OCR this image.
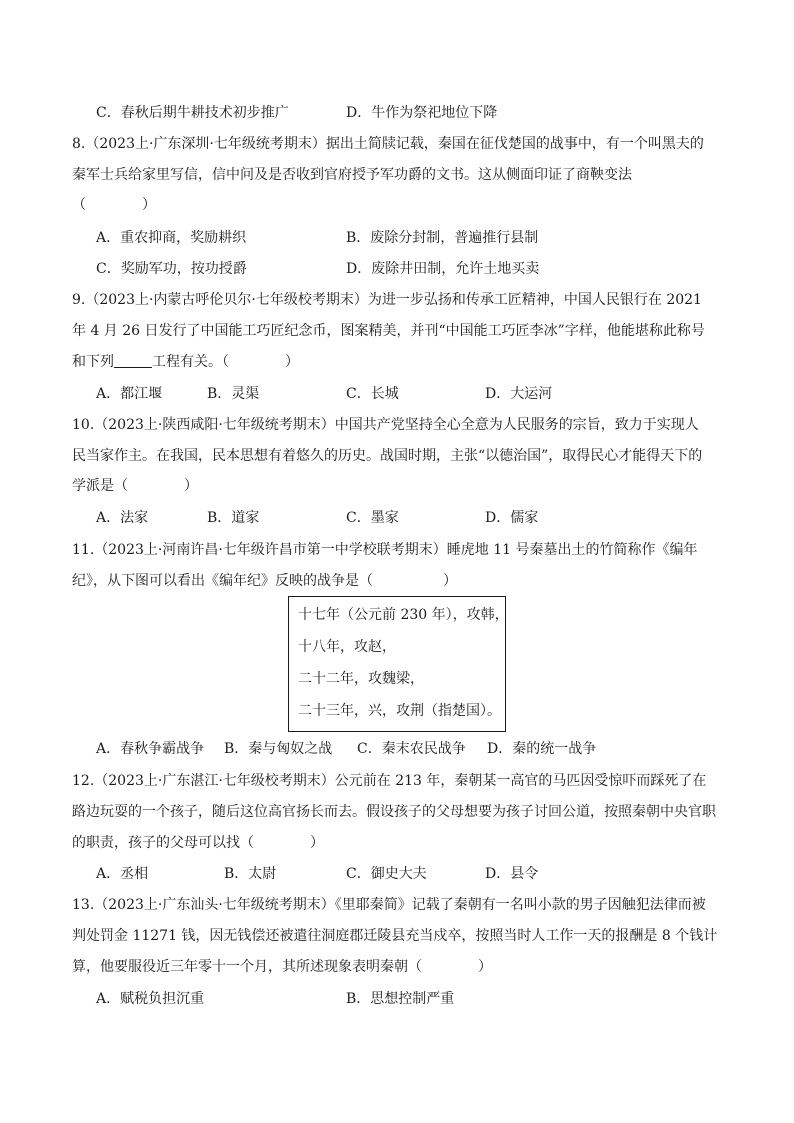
C．春秋后期牛耕技术初步推广	D．牛作为祭祀地位下降
8.（2023上·广东深圳·七年级统考期末）据出土简牍记载，秦国在征伐楚国的战事中，有一个叫黑夫的
秦军士兵给家里写信，信中问及是否收到官府授予军功爵的文书。这从侧面印证了商鞅变法
（　　　　）
A．重农抑商，奖励耕织	B．废除分封制，普遍推行县制
C．奖励军功，按功授爵	D．废除井田制，允许土地买卖
9.（2023上·内蒙古呼伦贝尔·七年级校考期末）为进一步弘扬和传承工匠精神，中国人民银行在 2021
年 4 月 26 日发行了中国能工巧匠纪念币，图案精美，并刊“中国能工巧匠李冰”字样，他能堪称此称号
和下列	工程有关。（　　　　）
A．都江堰	B．灵渠	C．长城	D．大运河
10.（2023上·陕西咸阳·七年级统考期末）中国共产党坚持全心全意为人民服务的宗旨，致力于实现人
民当家作主。在我国，民本思想有着悠久的历史。战国时期，主张“以德治国”，取得民心才能得天下的
学派是（　　　　）
A．法家	B．道家	C．墨家	D．儒家
11.（2023上·河南许昌·七年级许昌市第一中学校联考期末）睡虎地 11 号秦墓出土的竹简称作《编年
纪》，从下图可以看出《编年纪》反映的战争是（　　　　　）
十七年（公元前 230 年），攻韩，
十八年，攻赵，
二十二年，攻魏梁，
二十三年，兴，攻荆（指楚国）。
A．春秋争霸战争 B．秦与匈奴之战 C．秦末农民战争 D．秦的统一战争
12.（2023上·广东湛江·七年级校考期末）公元前在 213 年，秦朝某一高官的马匹因受惊吓而踩死了在
路边玩耍的一个孩子，随后这位高官扬长而去。假设孩子的父母想要为孩子讨回公道，按照秦朝中央官职
的职责，孩子的父母可以找（　　　　）
A．丞相	B．太尉	C．御史大夫	D．县令
13.（2023上·广东汕头·七年级统考期末）《里耶秦简》记载了秦朝有一名叫小款的男子因触犯法律而被
判处罚金 11271 钱，因无钱偿还被遣往洞庭郡迁陵县充当戍卒，按照当时人工作一天的报酬是 8 个钱计
算，他要服役近三年零十一个月，其所述现象表明秦朝（　　　　）
A．赋税负担沉重	B．思想控制严重
